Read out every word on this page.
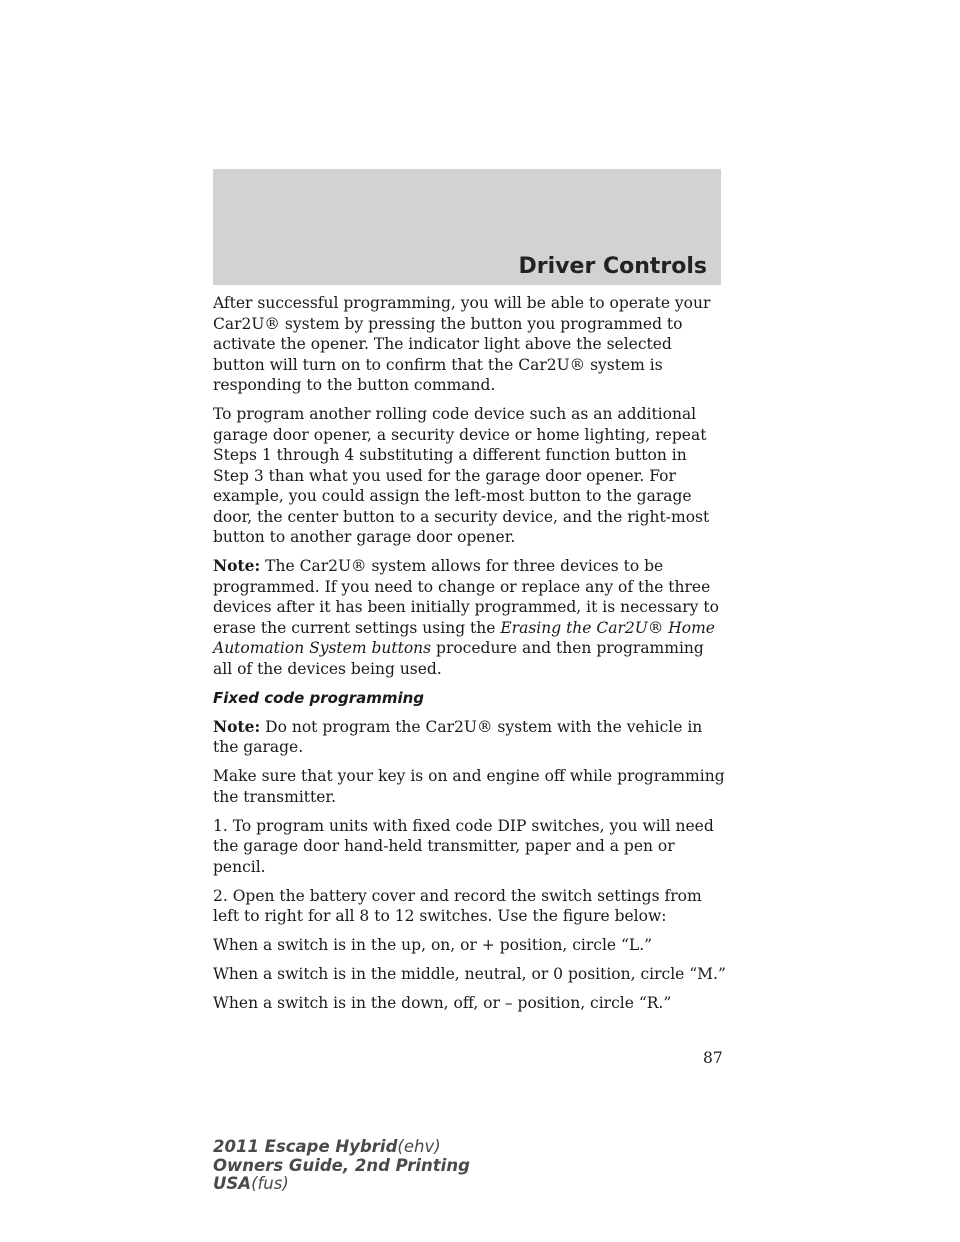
Driver Controls

After successful programming, you will be able to operate your Car2U® system by pressing the button you programmed to activate the opener. The indicator light above the selected button will turn on to confirm that the Car2U® system is responding to the button command.

To program another rolling code device such as an additional garage door opener, a security device or home lighting, repeat Steps 1 through 4 substituting a different function button in Step 3 than what you used for the garage door opener. For example, you could assign the left-most button to the garage door, the center button to a security device, and the right-most button to another garage door opener.

Note: The Car2U® system allows for three devices to be programmed. If you need to change or replace any of the three devices after it has been initially programmed, it is necessary to erase the current settings using the Erasing the Car2U® Home Automation System buttons procedure and then programming all of the devices being used.

Fixed code programming

Note: Do not program the Car2U® system with the vehicle in the garage.

Make sure that your key is on and engine off while programming the transmitter.

1. To program units with fixed code DIP switches, you will need the garage door hand-held transmitter, paper and a pen or pencil.

2. Open the battery cover and record the switch settings from left to right for all 8 to 12 switches. Use the figure below:

When a switch is in the up, on, or + position, circle “L.”

When a switch is in the middle, neutral, or 0 position, circle “M.”

When a switch is in the down, off, or – position, circle “R.”

87
2011 Escape Hybrid(ehv)
Owners Guide, 2nd Printing
USA(fus)
